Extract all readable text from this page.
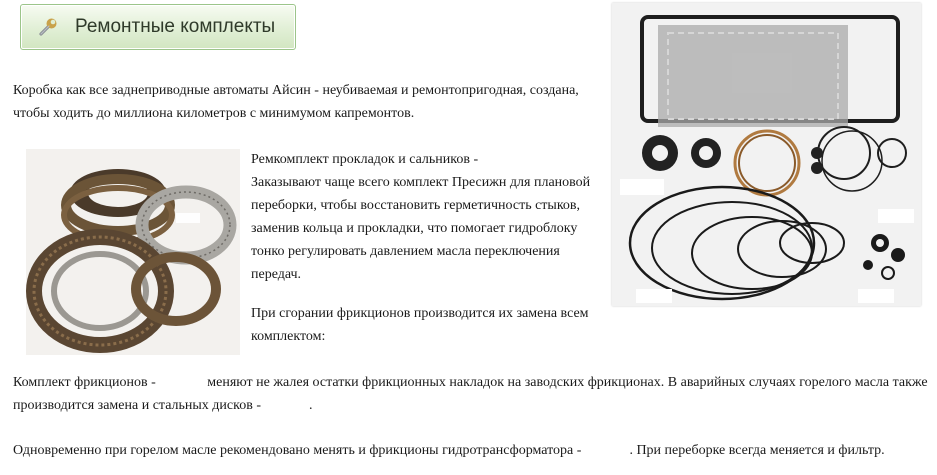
Ремонтные комплекты

Коробка как все заднеприводные автоматы Айсин - неубиваемая и ремонтопригодная, создана, чтобы ходить до миллиона километров с минимумом капремонтов.

Ремкомплект прокладок и сальников -
Заказывают чаще всего комплект Пресижн для плановой переборки, чтобы восстановить герметичность стыков, заменив кольца и прокладки, что помогает гидроблоку тонко регулировать давлением масла переключения передач.

При сгорании фрикционов производится их замена всем комплектом:

Комплект фрикционов -	меняют не жалея остатки фрикционных накладок на заводских фрикционах. В аварийных случаях горелого масла также производится замена и стальных дисков -	.

Одновременно при горелом масле рекомендовано менять и фрикционы гидротрансформатора -	. При переборке всегда меняется и фильтр.
